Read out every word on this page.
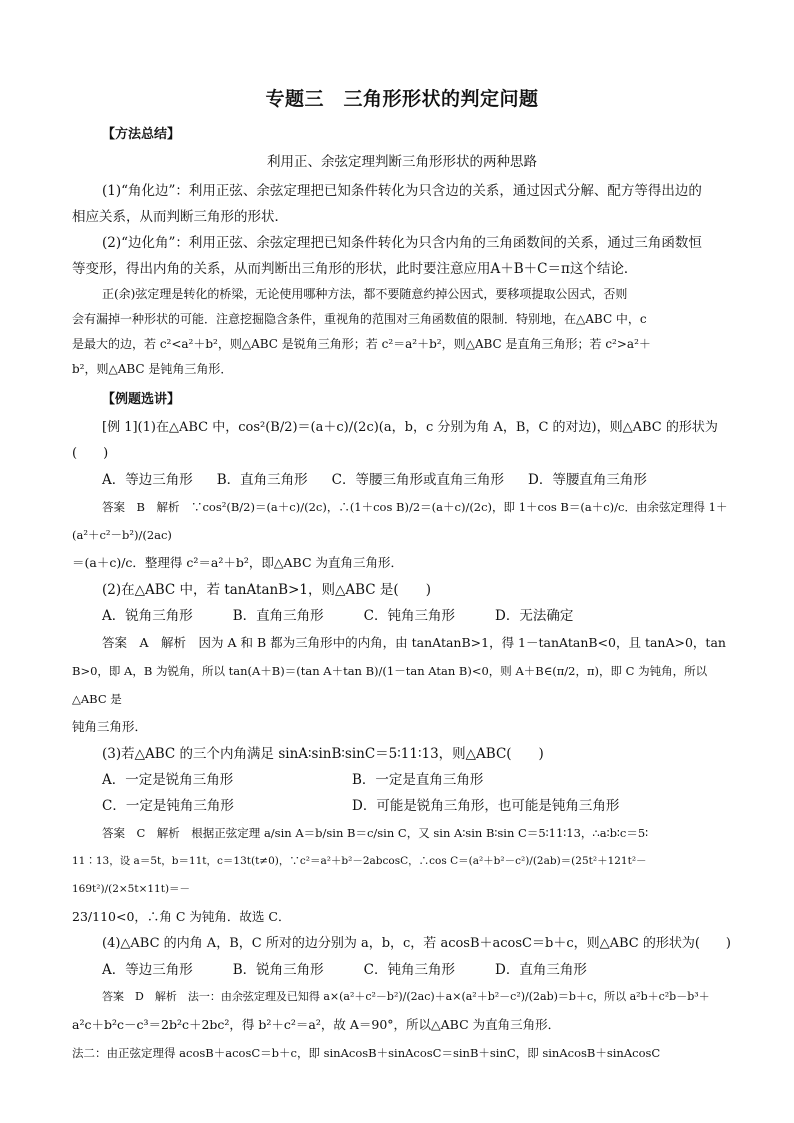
专题三　三角形形状的判定问题
【方法总结】
利用正、余弦定理判断三角形形状的两种思路

(1)“角化边”：利用正弦、余弦定理把已知条件转化为只含边的关系，通过因式分解、配方等得出边的

相应关系，从而判断三角形的形状．

(2)“边化角”：利用正弦、余弦定理把已知条件转化为只含内角的三角函数间的关系，通过三角函数恒

等变形，得出内角的关系，从而判断出三角形的形状，此时要注意应用A＋B＋C＝π这个结论．

正(余)弦定理是转化的桥梁，无论使用哪种方法，都不要随意约掉公因式，要移项提取公因式，否则

会有漏掉一种形状的可能．注意挖掘隐含条件，重视角的范围对三角函数值的限制．特别地，在△ABC 中，c

是最大的边，若 c²<a²＋b²，则△ABC 是锐角三角形；若 c²＝a²＋b²，则△ABC 是直角三角形；若 c²>a²＋

b²，则△ABC 是钝角三角形．

【例题选讲】

[例 1](1)在△ABC 中，cos²(B/2)＝(a＋c)/(2c)(a，b，c 分别为角 A，B，C 的对边)，则△ABC 的形状为(　　)

A．等边三角形 B．直角三角形 C．等腰三角形或直角三角形 D．等腰直角三角形

答案　B　解析　∵cos²(B/2)＝(a＋c)/(2c)，∴(1＋cos B)/2＝(a＋c)/(2c)，即 1＋cos B＝(a＋c)/c．由余弦定理得 1＋(a²＋c²－b²)/(2ac)

＝(a＋c)/c．整理得 c²＝a²＋b²，即△ABC 为直角三角形．

(2)在△ABC 中，若 tanAtanB>1，则△ABC 是(　　)

A．锐角三角形	B．直角三角形	C．钝角三角形	D．无法确定

答案　A　解析　因为 A 和 B 都为三角形中的内角，由 tanAtanB>1，得 1－tanAtanB<0，且 tanA>0，tan

B>0，即 A，B 为锐角，所以 tan(A＋B)＝(tan A＋tan B)/(1－tan Atan B)<0，则 A＋B∈(π/2，π)，即 C 为钝角，所以△ABC 是

钝角三角形．

(3)若△ABC 的三个内角满足 sinA∶sinB∶sinC＝5∶11∶13，则△ABC(　　)

A．一定是锐角三角形	B．一定是直角三角形
C．一定是钝角三角形	D．可能是锐角三角形，也可能是钝角三角形

答案　C　解析　根据正弦定理 a/sin A＝b/sin B＝c/sin C，又 sin A∶sin B∶sin C＝5∶11∶13，∴a∶b∶c＝5∶

11∶13，设 a＝5t，b＝11t，c＝13t(t≠0)，∵c²＝a²＋b²－2abcosC，∴cos C＝(a²＋b²－c²)/(2ab)＝(25t²＋121t²－169t²)/(2×5t×11t)＝－

23/110<0，∴角 C 为钝角．故选 C．

(4)△ABC 的内角 A，B，C 所对的边分别为 a，b，c，若 acosB＋acosC＝b＋c，则△ABC 的形状为(　　)

A．等边三角形	B．锐角三角形	C．钝角三角形	D．直角三角形

答案　D　解析　法一：由余弦定理及已知得 a×(a²＋c²－b²)/(2ac)＋a×(a²＋b²－c²)/(2ab)＝b＋c，所以 a²b＋c²b－b³＋

a²c＋b²c－c³＝2b²c＋2bc²，得 b²＋c²＝a²，故 A＝90°，所以△ABC 为直角三角形．

法二：由正弦定理得 acosB＋acosC＝b＋c，即 sinAcosB＋sinAcosC＝sinB＋sinC，即 sinAcosB＋sinAcosC
